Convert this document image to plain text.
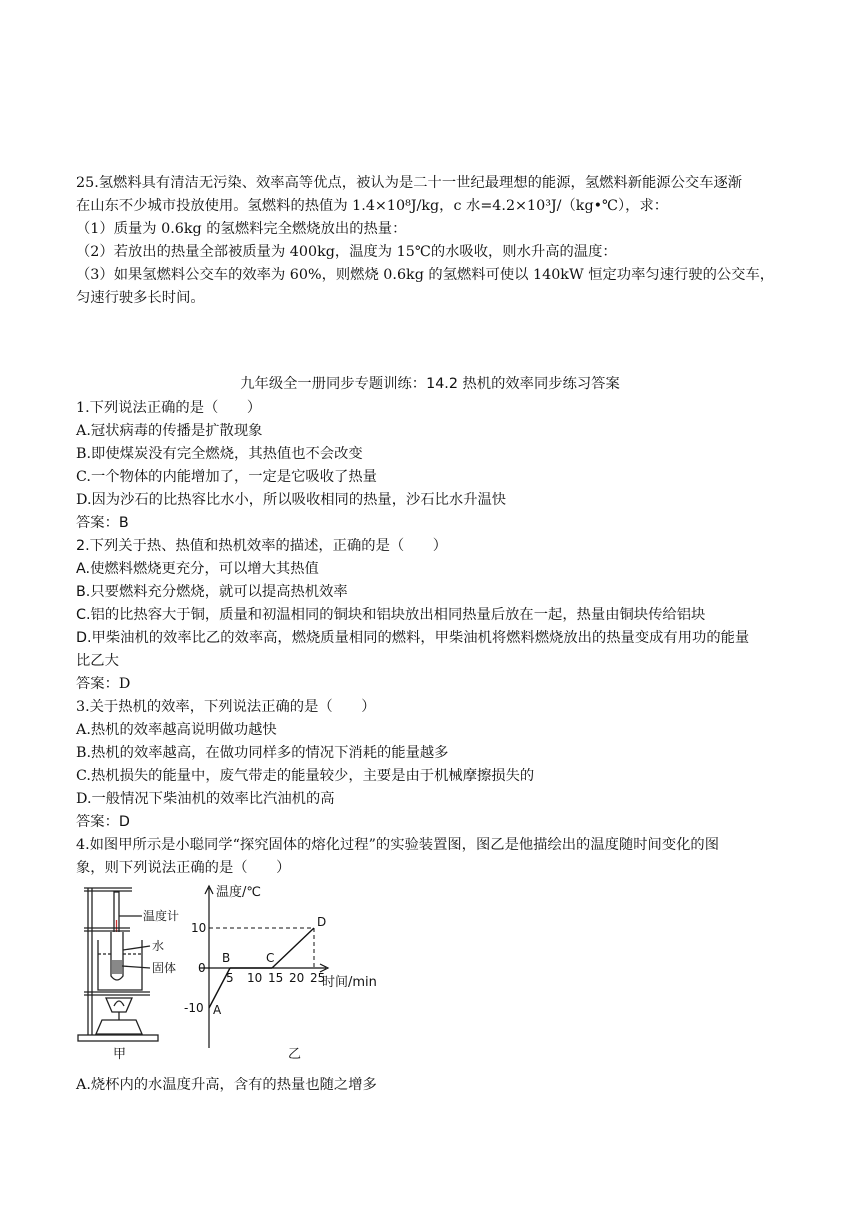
25.氢燃料具有清洁无污染、效率高等优点，被认为是二十一世纪最理想的能源，氢燃料新能源公交车逐渐
在山东不少城市投放使用。氢燃料的热值为 1.4×10⁸J/kg，c 水=4.2×10³J/（kg•℃），求：
（1）质量为 0.6kg 的氢燃料完全燃烧放出的热量：
（2）若放出的热量全部被质量为 400kg，温度为 15℃的水吸收，则水升高的温度：
（3）如果氢燃料公交车的效率为 60%，则燃烧 0.6kg 的氢燃料可使以 140kW 恒定功率匀速行驶的公交车，
匀速行驶多长时间。
九年级全一册同步专题训练：14.2 热机的效率同步练习答案
1.下列说法正确的是（　　）
A.冠状病毒的传播是扩散现象
B.即使煤炭没有完全燃烧，其热值也不会改变
C.一个物体的内能增加了，一定是它吸收了热量
D.因为沙石的比热容比水小，所以吸收相同的热量，沙石比水升温快
答案：B
2.下列关于热、热值和热机效率的描述，正确的是（　　）
A.使燃料燃烧更充分，可以增大其热值
B.只要燃料充分燃烧，就可以提高热机效率
C.铝的比热容大于铜，质量和初温相同的铜块和铝块放出相同热量后放在一起，热量由铜块传给铝块
D.甲柴油机的效率比乙的效率高，燃烧质量相同的燃料，甲柴油机将燃料燃烧放出的热量变成有用功的能量
比乙大
答案：D
3.关于热机的效率，下列说法正确的是（　　）
A.热机的效率越高说明做功越快
B.热机的效率越高，在做功同样多的情况下消耗的能量越多
C.热机损失的能量中，废气带走的能量较少，主要是由于机械摩擦损失的
D.一般情况下柴油机的效率比汽油机的高
答案：D
4.如图甲所示是小聪同学“探究固体的熔化过程”的实验装置图，图乙是他描绘出的温度随时间变化的图
象，则下列说法正确的是（　　）
温度计
水
固体
甲
温度/℃
时间/min
乙
5 10 15 20 25
10
0
-10 A
B	C
D
A.烧杯内的水温度升高，含有的热量也随之增多
